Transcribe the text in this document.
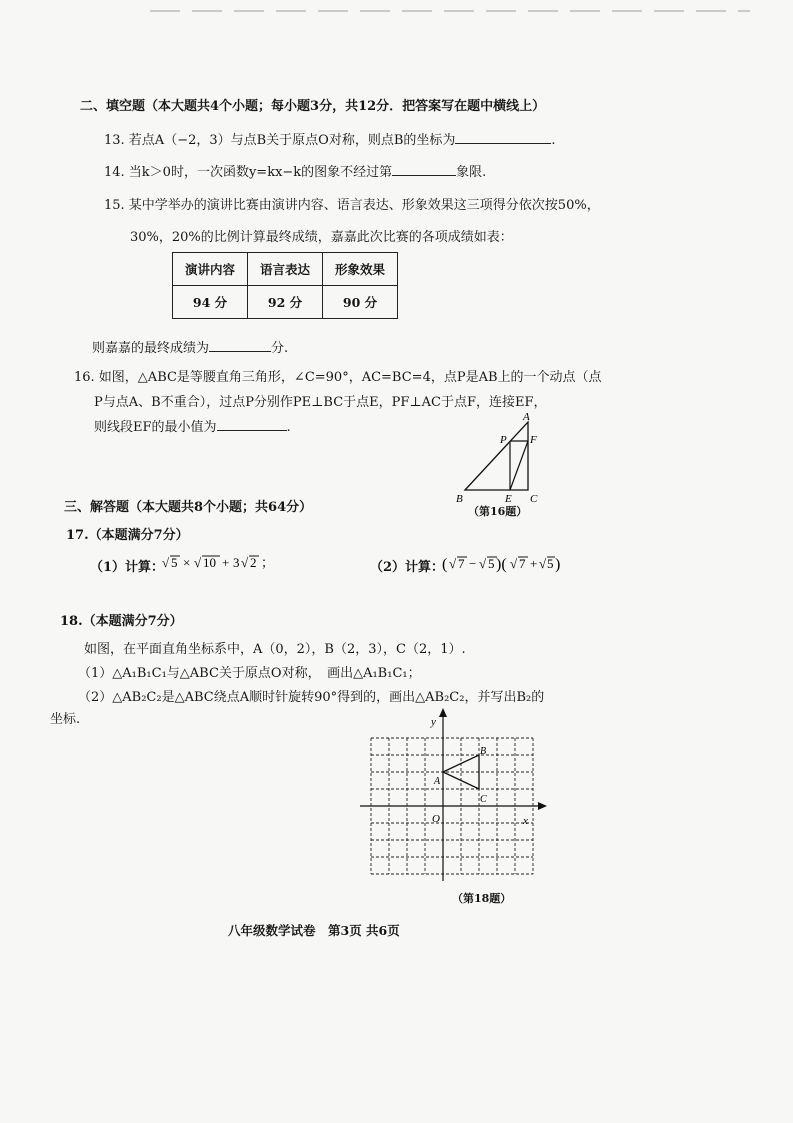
二、填空题（本大题共4个小题；每小题3分，共12分．把答案写在题中横线上）
13. 若点A（−2，3）与点B关于原点O对称，则点B的坐标为	.
14. 当k＞0时，一次函数y=kx−k的图象不经过第	象限.
15. 某中学举办的演讲比赛由演讲内容、语言表达、形象效果这三项得分依次按50%，
30%，20%的比例计算最终成绩，嘉嘉此次比赛的各项成绩如表：
演讲内容	语言表达	形象效果
94 分	92 分	90 分
则嘉嘉的最终成绩为	分.
16. 如图，△ABC是等腰直角三角形，∠C=90°，AC=BC=4，点P是AB上的一个动点（点
P与点A、B不重合），过点P分别作PE⊥BC于点E，PF⊥AC于点F，连接EF，
则线段EF的最小值为	.
A
B	C
P
E
F
（第16题）
三、解答题（本大题共8个小题；共64分）
17.（本题满分7分）
（1）计算：
√ 5 × √ 10 + 3 √ 2 ；	（2）计算：
( √ 7 − √ 5 )( √ 7 + √ 5 )
18.（本题满分7分）
如图，在平面直角坐标系中，A（0，2），B（2，3），C（2，1）.
（1）△A₁B₁C₁与△ABC关于原点O对称，　画出△A₁B₁C₁；
（2）△AB₂C₂是△ABC绕点A顺时针旋转90°得到的，画出△AB₂C₂，并写出B₂的
坐标.
x
y
O
A
B
C
（第18题）
八年级数学试卷　第3页 共6页
